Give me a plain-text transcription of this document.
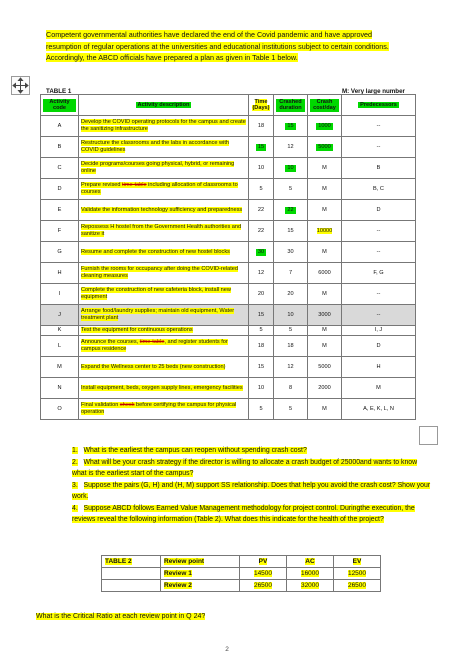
Competent governmental authorities have declared the end of the Covid pandemic and have approved resumption of regular operations at the universities and educational institutions subject to certain conditions. Accordingly, the ABCD officials have prepared a plan as given in Table 1 below.
TABLE 1	M: Very large number
Activity code	Activity description	Time (Days)	Crashed duration	Crash cost/day	Predecessors
A	Develop the COVID operating protocols for the campus and create the sanitizing infrastructure	18	15	1000	--
B	Restructure the classrooms and the labs in accordance with COVID guidelines	15	12	5000	--
C	Decide programs/courses going physical, hybrid, or remaining online	10	10	M	B
D	Prepare revised time-table including allocation of classrooms to courses	5	5	M	B, C
E	Validate the information technology sufficiency and preparedness	22	22	M	D
F	Repossess H hostel from the Government Health authorities and sanitize it	22	15	10000	--
G	Resume and complete the construction of new hostel blocks	30	30	M	--
H	Furnish the rooms for occupancy after doing the COVID-related cleaning measures	12	7	6000	F, G
I	Complete the construction of new cafeteria block, install new equipment	20	20	M	--
J	Arrange food/laundry supplies; maintain old equipment, Water treatment plant	15	10	3000	--
K	Test the equipment for continuous operations	5	5	M	I, J
L	Announce the courses, time-table, and register students for campus residence	18	18	M	D
M	Expand the Wellness center to 25 beds (new construction)	15	12	5000	H
N	Install equipment, beds, oxygen supply lines, emergency facilities	10	8	2000	M
O	Final validation check before certifying the campus for physical operation	5	5	M	A, E, K, L, N
1. What is the earliest the campus can reopen without spending crash cost?
2. What will be your crash strategy if the director is willing to allocate a crash budget of 25000and wants to know what is the earliest start of the campus?
3. Suppose the pairs (G, H) and (H, M) support SS relationship. Does that help you avoid the crash cost? Show your work.
4. Suppose ABCD follows Earned Value Management methodology for project control. Duringthe execution, the reviews reveal the following information (Table 2). What does this indicate for the health of the project?
TABLE 2	Review point	PV	AC	EV
	Review 1	14500	16000	12500
	Review 2	26500	32000	26500
What is the Critical Ratio at each review point in Q 24?
2
